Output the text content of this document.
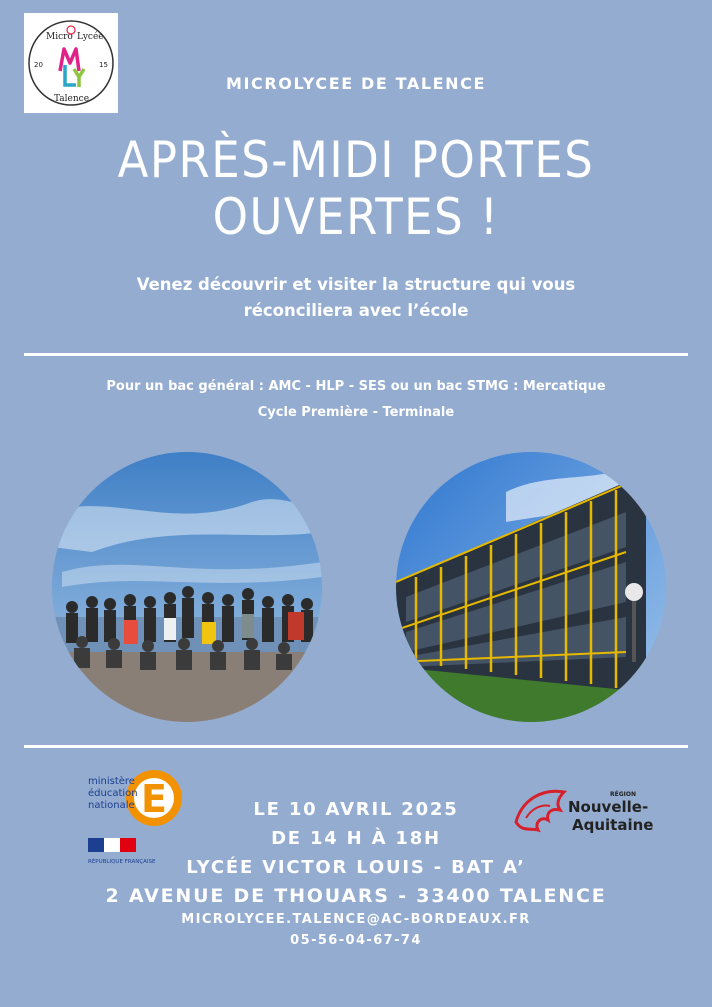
Micro Lycée
20	15
Talence
MICROLYCEE DE TALENCE
APRÈS-MIDI PORTES
OUVERTES !
Venez découvrir et visiter la structure qui vous
réconciliera avec l’école
Pour un bac général : AMC - HLP - SES ou un bac STMG : Mercatique
Cycle Première - Terminale
E
ministère
éducation
nationale
RÉPUBLIQUE FRANÇAISE
RÉGION
Nouvelle-
Aquitaine
LE 10 AVRIL 2025
DE 14 H À 18H
LYCÉE VICTOR LOUIS - BAT A’
2 AVENUE DE THOUARS - 33400 TALENCE
MICROLYCEE.TALENCE@AC-BORDEAUX.FR
05-56-04-67-74
